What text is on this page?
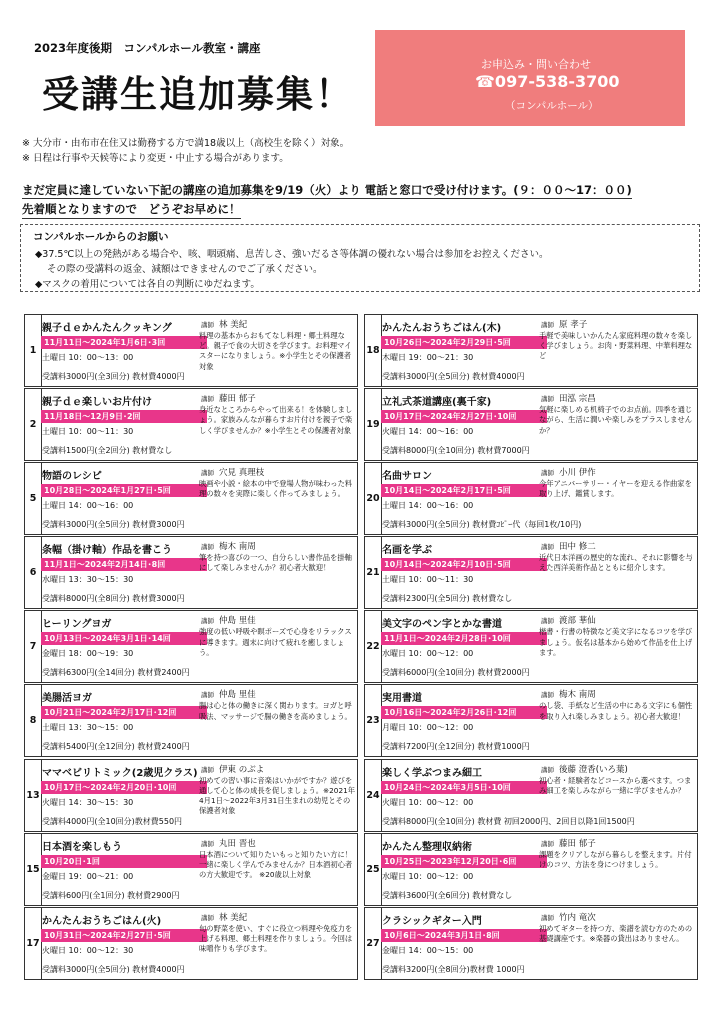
2023年度後期　コンパルホール教室・講座
受講生追加募集！
お申込み・問い合わせ
☎097-538-3700
（コンパルホール）
※ 大分市・由布市在住又は勤務する方で満18歳以上（高校生を除く）対象。
※ 日程は行事や天候等により変更・中止する場合があります。
まだ定員に達していない下記の講座の追加募集を9/19（火）より 電話と窓口で受け付けます。(９：００～17：００)
先着順となりますので　どうぞお早めに！
コンパルホールからのお願い
◆37.5℃以上の発熱がある場合や、咳、咽頭痛、息苦しさ、強いだるさ等体調の優れない場合は参加をお控えください。
その際の受講料の返金、減額はできませんのでご了承ください。
◆マスクの着用については各自の判断にゆだねます。
1
親子ｄｅかんたんクッキング
11月11日～2024年1月6日･3回
土曜日 10：00～13：00
受講料3000円(全3回分) 教材費4000円
講師 林 美紀
料理の基本からおもてなし料理・郷土料理など。親子で食の大切さを学びます。お料理マイスターになりましょう。※小学生とその保護者対象
2
親子ｄｅ楽しいお片付け
11月18日～12月9日･2回
土曜日 10：00～11：30
受講料1500円(全2回分) 教材費なし
講師 藤田 郁子
身近なところからやって出来る！を体験しましょう。家族みんなが暮らすお片付けを親子で楽しく学びませんか？※小学生とその保護者対象
5
物語のレシピ
10月28日～2024年1月27日･5回
土曜日 14：00～16：00
受講料3000円(全5回分) 教材費3000円
講師 穴見 真理枝
映画や小説・絵本の中で登場人物が味わった料理の数々を実際に楽しく作ってみましょう。
6
条幅（掛け軸）作品を書こう
11月1日～2024年2月14日･8回
水曜日 13：30～15：30
受講料8000円(全8回分) 教材費3000円
講師 梅木 南周
筆を持つ喜びの一つ、自分らしい書作品を掛軸にして楽しみませんか？初心者大歓迎！
7
ヒーリングヨガ
10月13日～2024年3月1日･14回
金曜日 18：00～19：30
受講料6300円(全14回分) 教材費2400円
講師 仲島 里佳
強度の低い呼吸や瞑ポーズで心身をリラックスに導きます。週末に向けて疲れを癒しましょう。
8
美腸活ヨガ
10月21日～2024年2月17日･12回
土曜日 13：30～15：00
受講料5400円(全12回分) 教材費2400円
講師 仲島 里佳
腸は心と体の働きに深く関わります。ヨガと呼吸法、マッサージで腸の働きを高めましょう。
13
ママベビリトミック(2歳児クラス)
10月17日～2024年2月20日･10回
火曜日 14：30～15：30
受講料4000円(全10回分)教材費550円
講師 伊東 のぶよ
初めての習い事に音楽はいかがですか？遊びを通して心と体の成長を促しましょう。※2021年4月1日～2022年3月31日生まれの幼児とその保護者対象
15
日本酒を楽しもう
10月20日･1回
金曜日 19：00～21：00
受講料600円(全1回分) 教材費2900円
講師 丸田 晋也
日本酒について知りたいもっと知りたい方に！一緒に楽しく学んでみませんか？日本酒初心者の方大歓迎です。 ※20歳以上対象
17
かんたんおうちごはん(火)
10月31日～2024年2月27日･5回
火曜日 10：00～12：30
受講料3000円(全5回分) 教材費4000円
講師 林 美紀
旬の野菜を使い、すぐに役立つ料理や免疫力を上げる料理、郷土料理を作りましょう。今回は味噌作りも学びます。
18
かんたんおうちごはん(木)
10月26日～2024年2月29日･5回
木曜日 19：00～21：30
受講料3000円(全5回分) 教材費4000円
講師 原 孝子
手軽で美味しいかんたん家庭料理の数々を楽しく学びましょう。お肉・野菜料理、中華料理など
19
立礼式茶道講座(裏千家)
10月17日～2024年2月27日･10回
火曜日 14：00～16：00
受講料8000円(全10回分) 教材費7000円
講師 田泓 宗昌
気軽に楽しめる机椅子でのお点前。四季を通じながら、生活に潤いや楽しみをプラスしませんか？
20
名曲サロン
10月14日～2024年2月17日･5回
土曜日 14：00～16：00
受講料3000円(全5回分) 教材費ｺﾋﾟｰ代（毎回1枚/10円)
講師 小川 伊作
今年アニバーサリー・イヤーを迎える作曲家を取り上げ、鑑賞します。
21
名画を学ぶ
10月14日～2024年2月10日･5回
土曜日 10：00～11：30
受講料2300円(全5回分) 教材費なし
講師 田中 修二
近代日本洋画の歴史的な流れ、それに影響を与えた西洋美術作品とともに紹介します。
22
美文字のペン字とかな書道
11月1日～2024年2月28日･10回
水曜日 10：00～12：00
受講料6000円(全10回分) 教材費2000円
講師 渡部 華仙
楷書・行書の特徴など美文字になるコツを学びましょう。仮名は基本から始めて作品を仕上げます。
23
実用書道
10月16日～2024年2月26日･12回
月曜日 10：00～12：00
受講料7200円(全12回分) 教材費1000円
講師 梅木 南周
のし袋、手紙など生活の中にある文字にも個性を取り入れ楽しみましょう。初心者大歓迎！
24
楽しく学ぶつまみ細工
10月24日～2024年3月5日･10回
火曜日 10：00～12：00
受講料8000円(全10回分) 教材費 初回2000円、2回目以降1回1500円
講師 後藤 澄香(いろ葉)
初心者・経験者などコースから選べます。つまみ細工を楽しみながら一緒に学びませんか？
25
かんたん整理収納術
10月25日～2023年12月20日･6回
水曜日 10：00～12：00
受講料3600円(全6回分) 教材費なし
講師 藤田 郁子
課題をクリアしながら暮らしを整えます。片付けのコツ、方法を身につけましょう。
27
クラシックギター入門
10月6日～2024年3月1日･8回
金曜日 14：00～15：00
受講料3200円(全8回分)教材費 1000円
講師 竹内 竜次
初めてギターを持つ方、楽譜を読む方のための基礎講座です。※楽器の貸出はありません。
